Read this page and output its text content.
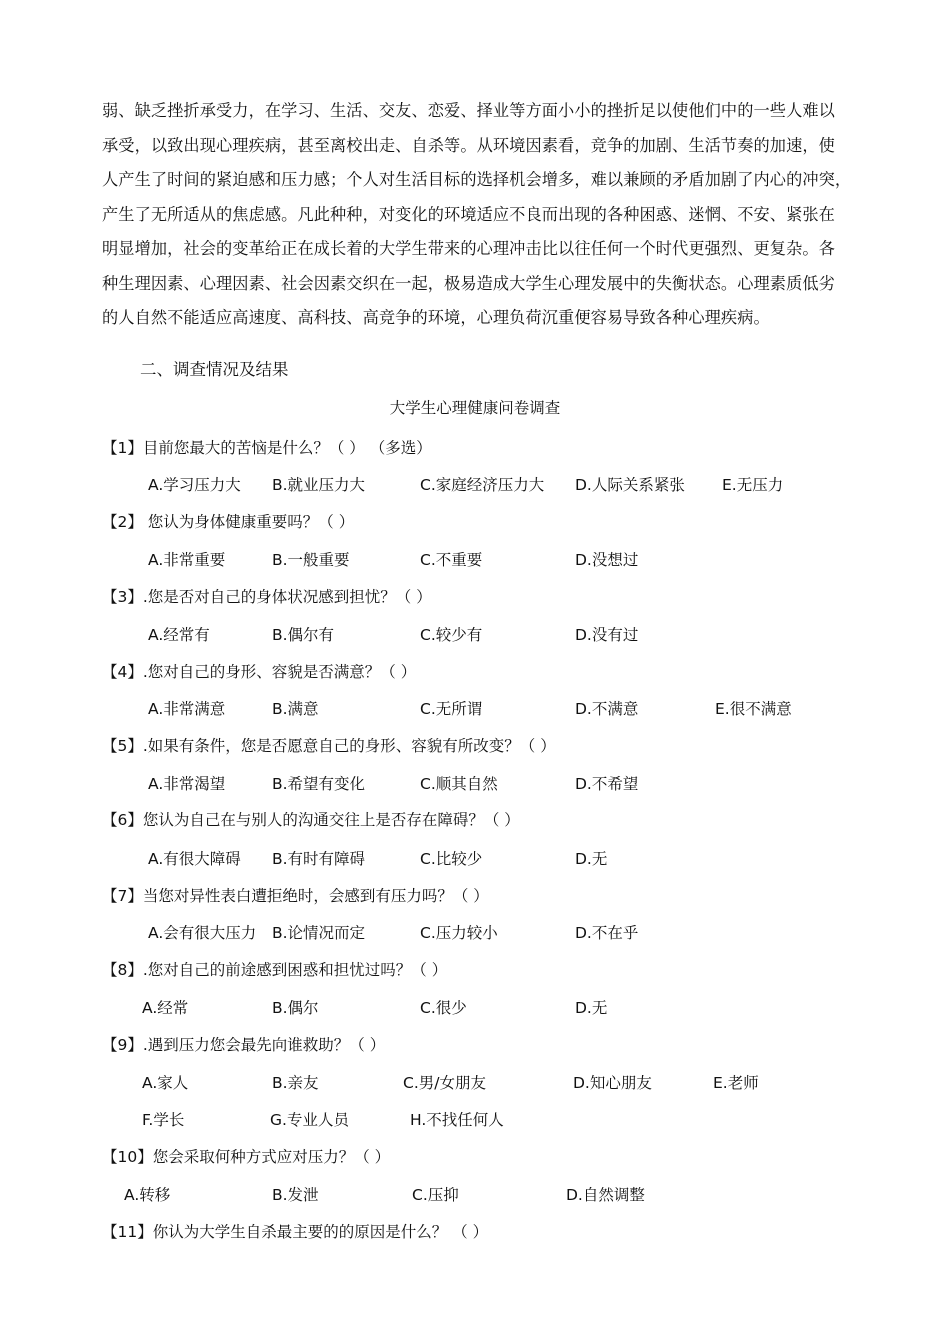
弱、缺乏挫折承受力，在学习、生活、交友、恋爱、择业等方面小小的挫折足以使他们中的一些人难以
承受，以致出现心理疾病，甚至离校出走、自杀等。从环境因素看，竞争的加剧、生活节奏的加速，使
人产生了时间的紧迫感和压力感；个人对生活目标的选择机会增多，难以兼顾的矛盾加剧了内心的冲突，
产生了无所适从的焦虑感。凡此种种，对变化的环境适应不良而出现的各种困惑、迷惘、不安、紧张在
明显增加，社会的变革给正在成长着的大学生带来的心理冲击比以往任何一个时代更强烈、更复杂。各
种生理因素、心理因素、社会因素交织在一起，极易造成大学生心理发展中的失衡状态。心理素质低劣
的人自然不能适应高速度、高科技、高竞争的环境，心理负荷沉重便容易导致各种心理疾病。
二、调查情况及结果
大学生心理健康问卷调查
【1】目前您最大的苦恼是什么？（ ） （多选）
A.学习压力大 B.就业压力大	C.家庭经济压力大 D.人际关系紧张 E.无压力
【2】 您认为身体健康重要吗？（ ）
A.非常重要	B.一般重要	C.不重要	D.没想过
【3】.您是否对自己的身体状况感到担忧？（ ）
A.经常有	B.偶尔有	C.较少有	D.没有过
【4】.您对自己的身形、容貌是否满意？（ ）
A.非常满意	B.满意	C.无所谓	D.不满意	E.很不满意
【5】.如果有条件，您是否愿意自己的身形、容貌有所改变？（ ）
A.非常渴望	B.希望有变化	C.顺其自然	D.不希望
【6】您认为自己在与别人的沟通交往上是否存在障碍？（ ）
A.有很大障碍 B.有时有障碍	C.比较少	D.无
【7】当您对异性表白遭拒绝时，会感到有压力吗？（ ）
A.会有很大压力 B.论情况而定	C.压力较小	D.不在乎
【8】.您对自己的前途感到困惑和担忧过吗？（ ）
A.经常	B.偶尔	C.很少	D.无
【9】.遇到压力您会最先向谁救助？（ ）
A.家人	B.亲友	C.男/女朋友	D.知心朋友	E.老师
F.学长	G.专业人员	H.不找任何人
【10】您会采取何种方式应对压力？（ ）
A.转移	B.发泄	C.压抑	D.自然调整
【11】你认为大学生自杀最主要的的原因是什么？ （ ）
